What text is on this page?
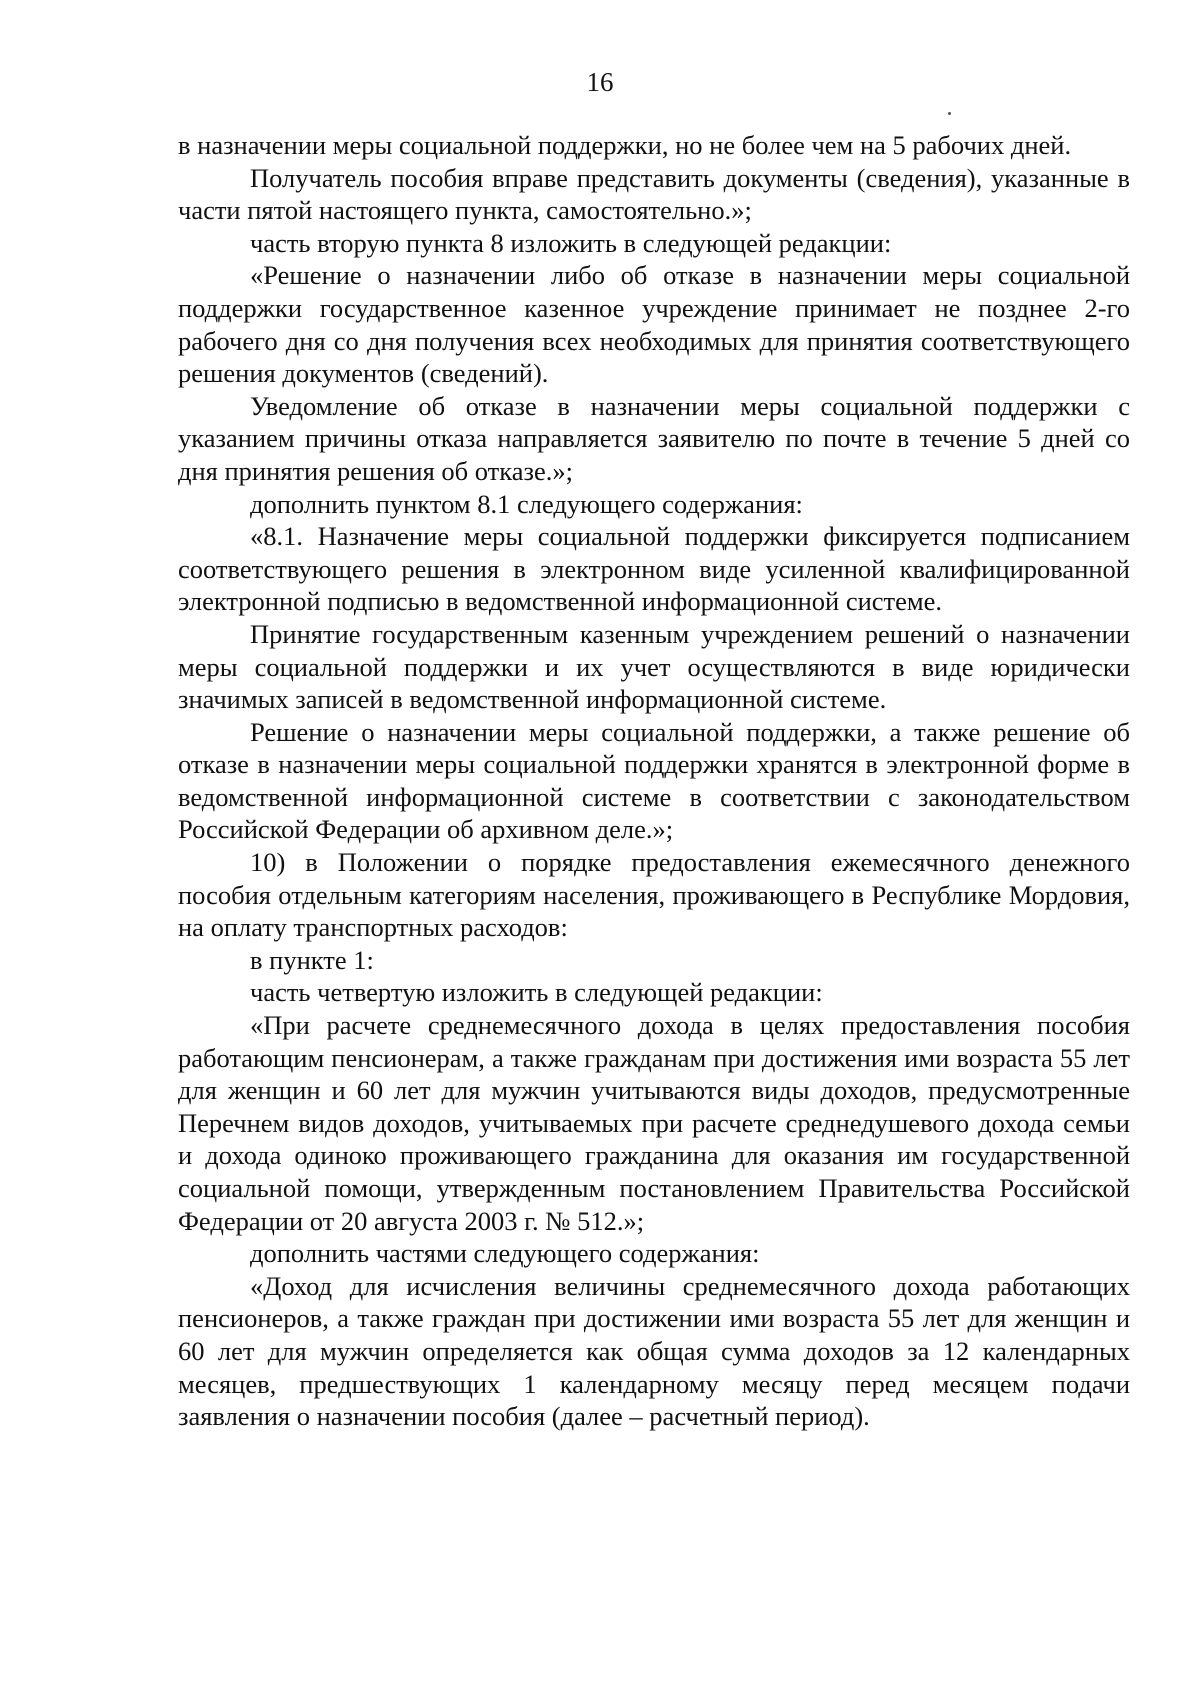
16

в назначении меры социальной поддержки, но не более чем на 5 рабочих дней.

Получатель пособия вправе представить документы (сведения), указанные в части пятой настоящего пункта, самостоятельно.»;

часть вторую пункта 8 изложить в следующей редакции:

«Решение о назначении либо об отказе в назначении меры социальной поддержки государственное казенное учреждение принимает не позднее 2-го рабочего дня со дня получения всех необходимых для принятия соответствующего решения документов (сведений).

Уведомление об отказе в назначении меры социальной поддержки с указанием причины отказа направляется заявителю по почте в течение 5 дней со дня принятия решения об отказе.»;

дополнить пунктом 8.1 следующего содержания:

«8.1. Назначение меры социальной поддержки фиксируется подписанием соответствующего решения в электронном виде усиленной квалифицированной электронной подписью в ведомственной информационной системе.

Принятие государственным казенным учреждением решений о назначении меры социальной поддержки и их учет осуществляются в виде юридически значимых записей в ведомственной информационной системе.

Решение о назначении меры социальной поддержки, а также решение об отказе в назначении меры социальной поддержки хранятся в электронной форме в ведомственной информационной системе в соответствии с законодательством Российской Федерации об архивном деле.»;

10) в Положении о порядке предоставления ежемесячного денежного пособия отдельным категориям населения, проживающего в Республике Мордовия, на оплату транспортных расходов:

в пункте 1:

часть четвертую изложить в следующей редакции:

«При расчете среднемесячного дохода в целях предоставления пособия работающим пенсионерам, а также гражданам при достижения ими возраста 55 лет для женщин и 60 лет для мужчин учитываются виды доходов, предусмотренные Перечнем видов доходов, учитываемых при расчете среднедушевого дохода семьи и дохода одиноко проживающего гражданина для оказания им государственной социальной помощи, утвержденным постановлением Правительства Российской Федерации от 20 августа 2003 г. № 512.»;

дополнить частями следующего содержания:

«Доход для исчисления величины среднемесячного дохода работающих пенсионеров, а также граждан при достижении ими возраста 55 лет для женщин и 60 лет для мужчин определяется как общая сумма доходов за 12 календарных месяцев, предшествующих 1 календарному месяцу перед месяцем подачи заявления о назначении пособия (далее – расчетный период).
